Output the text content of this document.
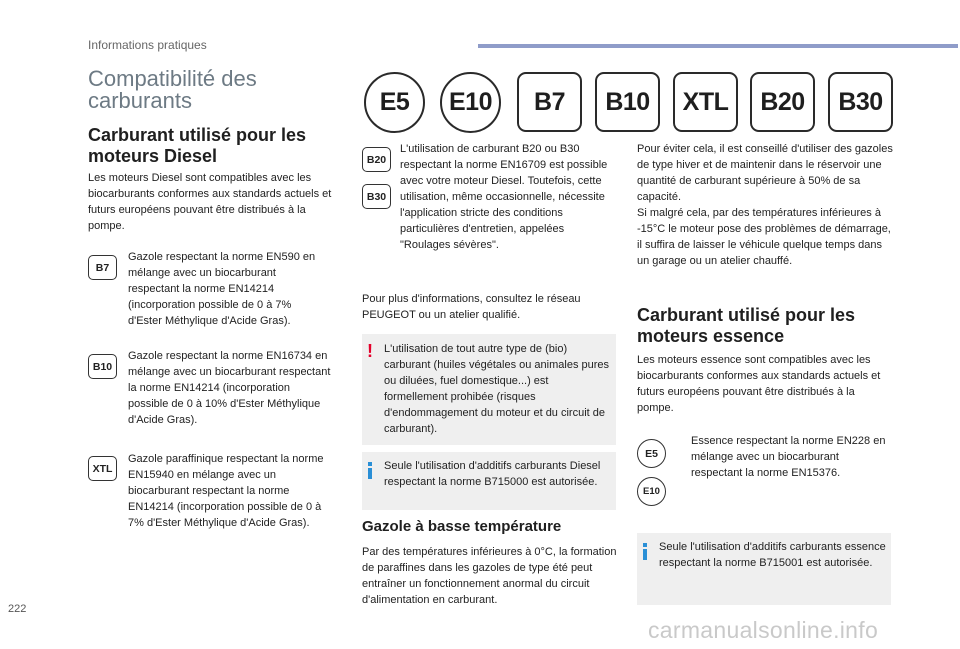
Informations pratiques
Compatibilité des carburants	E5	E10	B7	B10	XTL	B20	B30
Carburant utilisé pour les moteurs Diesel
Les moteurs Diesel sont compatibles avec les biocarburants conformes aux standards actuels et futurs européens pouvant être distribués à la pompe.
B7
Gazole respectant la norme EN590 en mélange avec un biocarburant respectant la norme EN14214 (incorporation possible de 0 à 7% d'Ester Méthylique d'Acide Gras).
B10
Gazole respectant la norme EN16734 en mélange avec un biocarburant respectant la norme EN14214 (incorporation possible de 0 à 10% d'Ester Méthylique d'Acide Gras).
XTL
Gazole paraffinique respectant la norme EN15940 en mélange avec un biocarburant respectant la norme EN14214 (incorporation possible de 0 à 7% d'Ester Méthylique d'Acide Gras).
B20
B30
L'utilisation de carburant B20 ou B30 respectant la norme EN16709 est possible avec votre moteur Diesel. Toutefois, cette utilisation, même occasionnelle, nécessite l'application stricte des conditions particulières d'entretien, appelées "Roulages sévères".
Pour plus d'informations, consultez le réseau PEUGEOT ou un atelier qualifié.
! L'utilisation de tout autre type de (bio) carburant (huiles végétales ou animales pures ou diluées, fuel domestique...) est formellement prohibée (risques d'endommagement du moteur et du circuit de carburant).
Seule l'utilisation d'additifs carburants Diesel respectant la norme B715000 est autorisée.
Gazole à basse température
Par des températures inférieures à 0°C, la formation de paraffines dans les gazoles de type été peut entraîner un fonctionnement anormal du circuit d'alimentation en carburant.
Pour éviter cela, il est conseillé d'utiliser des gazoles de type hiver et de maintenir dans le réservoir une quantité de carburant supérieure à 50% de sa capacité.
Si malgré cela, par des températures inférieures à -15°C le moteur pose des problèmes de démarrage, il suffira de laisser le véhicule quelque temps dans un garage ou un atelier chauffé.
Carburant utilisé pour les moteurs essence
Les moteurs essence sont compatibles avec les biocarburants conformes aux standards actuels et futurs européens pouvant être distribués à la pompe.
E5
E10
Essence respectant la norme EN228 en mélange avec un biocarburant respectant la norme EN15376.
Seule l'utilisation d'additifs carburants essence respectant la norme B715001 est autorisée.
222
carmanualsonline.info
